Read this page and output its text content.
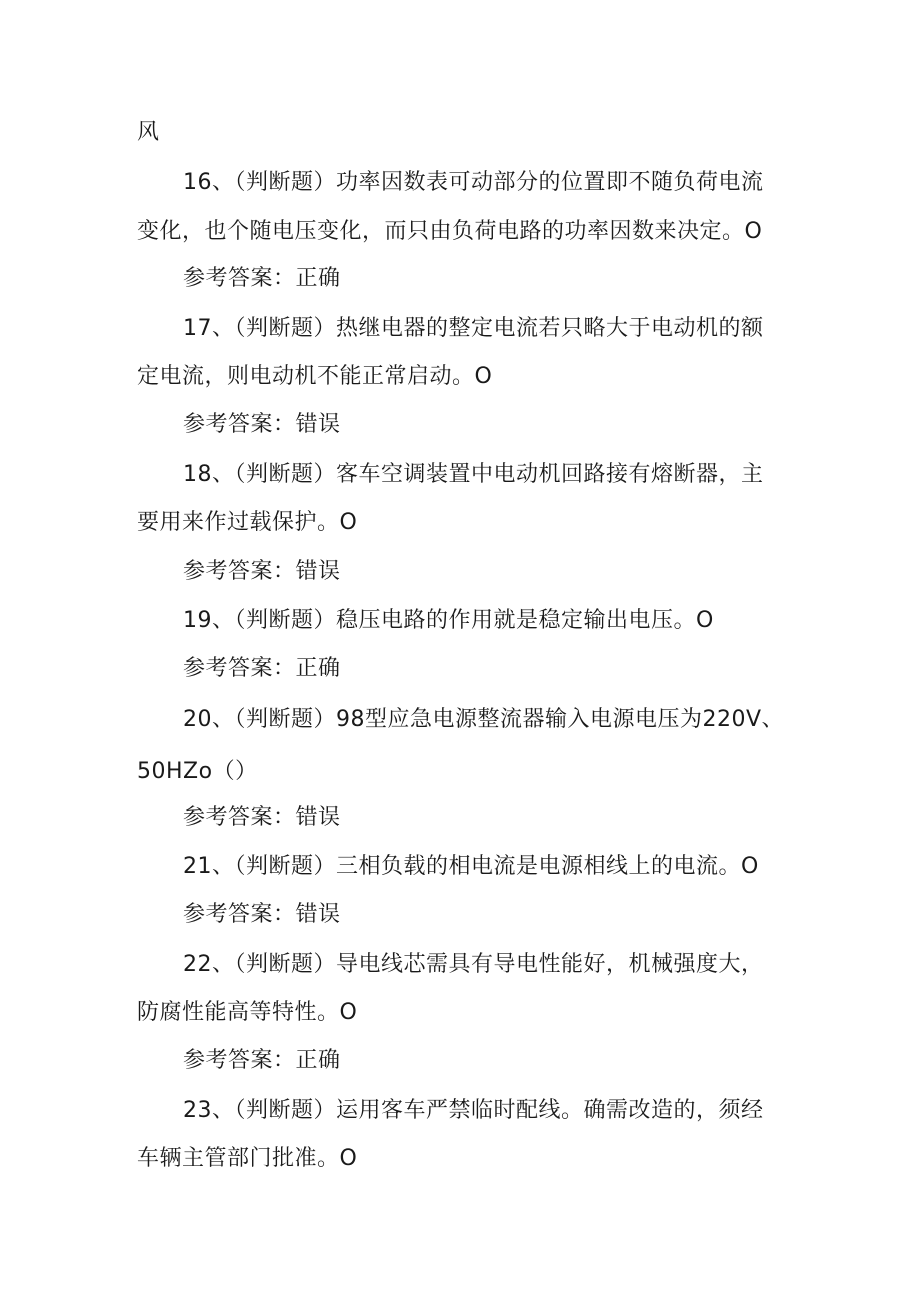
风
16、（判断题）功率因数表可动部分的位置即不随负荷电流
变化，也个随电压变化，而只由负荷电路的功率因数来决定。O
参考答案：正确
17、（判断题）热继电器的整定电流若只略大于电动机的额
定电流，则电动机不能正常启动。O
参考答案：错误
18、（判断题）客车空调装置中电动机回路接有熔断器，主
要用来作过载保护。O
参考答案：错误
19、（判断题）稳压电路的作用就是稳定输出电压。O
参考答案：正确
20、（判断题）98型应急电源整流器输入电源电压为220V、
50HZo（）
参考答案：错误
21、（判断题）三相负载的相电流是电源相线上的电流。O
参考答案：错误
22、（判断题）导电线芯需具有导电性能好，机械强度大，
防腐性能高等特性。O
参考答案：正确
23、（判断题）运用客车严禁临时配线。确需改造的，须经
车辆主管部门批准。O
